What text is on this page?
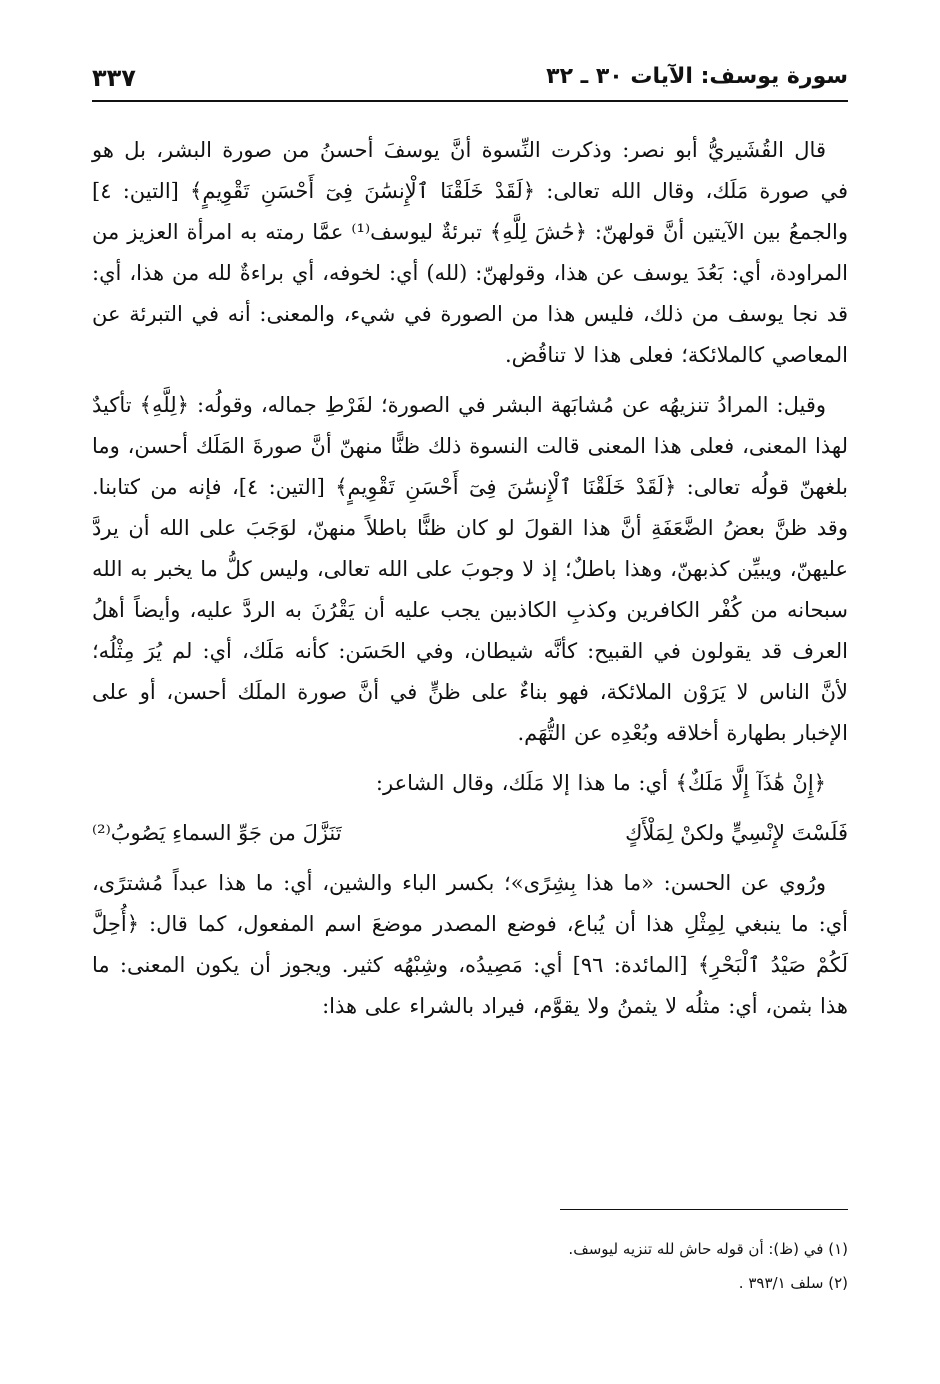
سورة يوسف: الآيات ٣٠ ـ ٣٢
٣٣٧

قال القُشَيريُّ أبو نصر: وذكرت النِّسوة أنَّ يوسفَ أحسنُ من صورة البشر، بل هو في صورة مَلَك، وقال الله تعالى: ﴿لَقَدْ خَلَقْنَا ٱلْإِنسَٰنَ فِىٓ أَحْسَنِ تَقْوِيمٍ﴾ [التين: ٤] والجمعُ بين الآيتين أنَّ قولهنّ: ﴿حَٰشَ لِلَّهِ﴾ تبرئةٌ ليوسف⁽¹⁾ عمَّا رمته به امرأة العزيز من المراودة، أي: بَعُدَ يوسف عن هذا، وقولهنّ: (لله) أي: لخوفه، أي براءةٌ لله من هذا، أي: قد نجا يوسف من ذلك، فليس هذا من الصورة في شيء، والمعنى: أنه في التبرئة عن المعاصي كالملائكة؛ فعلى هذا لا تناقُض.

وقيل: المرادُ تنزيهُه عن مُشابَهة البشر في الصورة؛ لفَرْطِ جماله، وقولُه: ﴿لِلَّهِ﴾ تأكيدٌ لهذا المعنى، فعلى هذا المعنى قالت النسوة ذلك ظنًّا منهنّ أنَّ صورةَ المَلَك أحسن، وما بلغهنّ قولُه تعالى: ﴿لَقَدْ خَلَقْنَا ٱلْإِنسَٰنَ فِىٓ أَحْسَنِ تَقْوِيمٍ﴾ [التين: ٤]، فإنه من كتابنا. وقد ظنَّ بعضُ الضَّعَفَةِ أنَّ هذا القولَ لو كان ظنًّا باطلاً منهنّ، لوَجَبَ على الله أن يردَّ عليهنّ، ويبيِّن كذبهنّ، وهذا باطلٌ؛ إذ لا وجوبَ على الله تعالى، وليس كلُّ ما يخبر به الله سبحانه من كُفْر الكافرين وكذبِ الكاذبين يجب عليه أن يَقْرُنَ به الردَّ عليه، وأيضاً أهلُ العرف قد يقولون في القبيح: كأنَّه شيطان، وفي الحَسَن: كأنه مَلَك، أي: لم يُرَ مِثْلُه؛ لأنَّ الناس لا يَرَوْن الملائكة، فهو بناءٌ على ظنٍّ في أنَّ صورة الملَك أحسن، أو على الإخبار بطهارة أخلاقه وبُعْدِه عن التُّهَم.

﴿إِنْ هَٰذَآ إِلَّا مَلَكٌ﴾ أي: ما هذا إلا مَلَك، وقال الشاعر:

فَلَسْتَ لإِنْسِيٍّ ولكنْ لِمَلْأَكٍ
تَنَزَّلَ من جَوِّ السماءِ يَصُوبُ⁽²⁾

ورُوي عن الحسن: «ما هذا بِشِرًى»؛ بكسر الباء والشين، أي: ما هذا عبداً مُشترًى، أي: ما ينبغي لِمِثْلِ هذا أن يُباع، فوضع المصدر موضعَ اسم المفعول، كما قال: ﴿أُحِلَّ لَكُمْ صَيْدُ ٱلْبَحْرِ﴾ [المائدة: ٩٦] أي: مَصِيدُه، وشِبْهُه كثير. ويجوز أن يكون المعنى: ما هذا بثمن، أي: مثلُه لا يثمنُ ولا يقوَّم، فيراد بالشراء على هذا:

(١) في (ظ): أن قوله حاش لله تنزيه ليوسف.
(٢) سلف ٣٩٣/١ .
